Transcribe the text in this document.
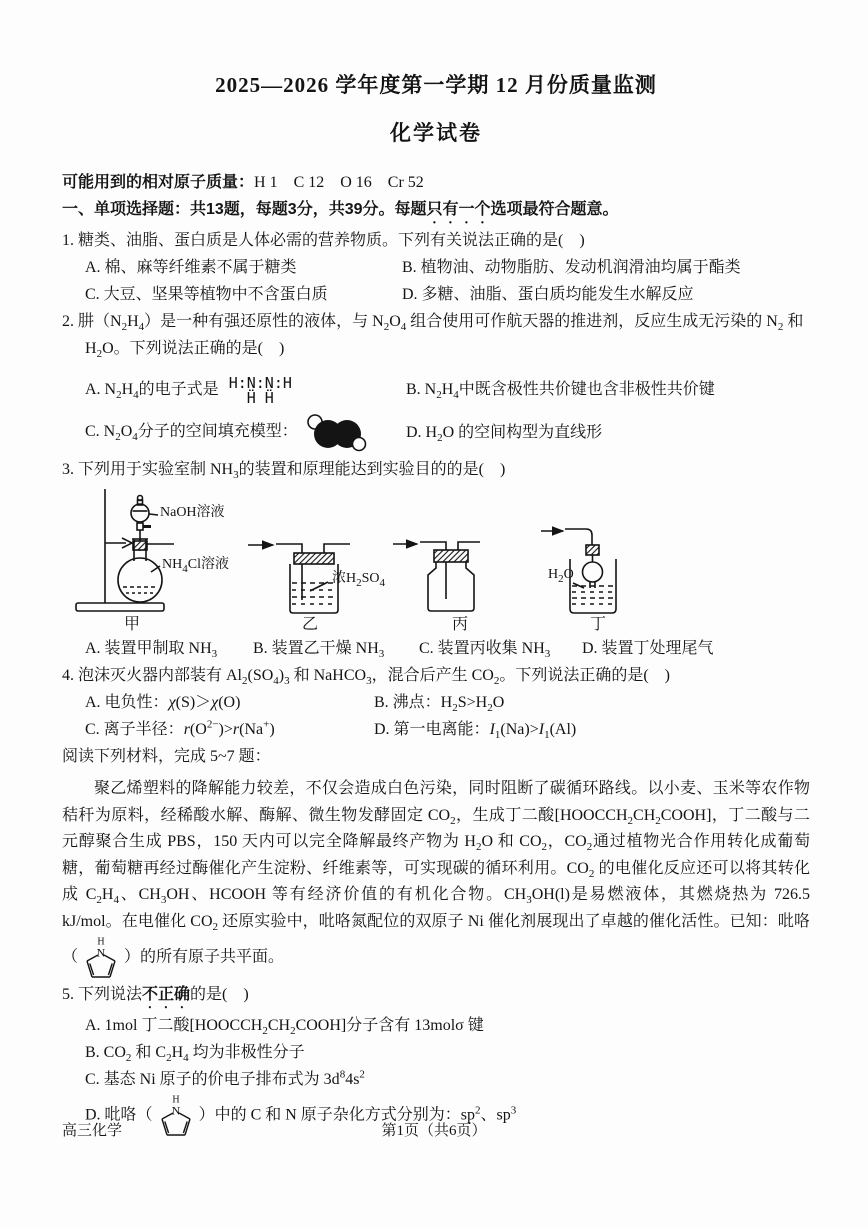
2025—2026 学年度第一学期 12 月份质量监测
化学试卷
可能用到的相对原子质量：H 1　C 12　O 16　Cr 52
一、单项选择题：共13题，每题3分，共39分。每题只有一个选项最符合题意。
1. 糖类、油脂、蛋白质是人体必需的营养物质。下列有关说法正确的是(    )
A. 棉、麻等纤维素不属于糖类	B. 植物油、动物脂肪、发动机润滑油均属于酯类
C. 大豆、坚果等植物中不含蛋白质	D. 多糖、油脂、蛋白质均能发生水解反应
2. 肼$(N_2H_4)$是一种有强还原性的液体，与 $N_2O_4$ 组合使用可作航天器的推进剂，反应生成无污染的 $N_2$ 和 $H_2O$。下列说法正确的是(    )
A. $N_2H_4$的电子式是 H:N̤:N̤:H
Ḧ Ḧ	B. $N_2H_4$中既含极性共价键也含非极性共价键
C. $N_2O_4$分子的空间填充模型：	D. $H_2O$ 的空间构型为直线形
3. 下列用于实验室制 $NH_3$的装置和原理能达到实验目的的是(    )
NaOH溶液
$NH_4Cl$溶液
浓$H_2SO_4$
$H_2O$
甲	乙	丙	丁
A. 装置甲制取 $NH_3$	B. 装置乙干燥 $NH_3$	C. 装置丙收集 $NH_3$	D. 装置丁处理尾气
4. 泡沫灭火器内部装有 $Al_2(SO_4)_3$ 和 NaHCO$_3$，混合后产生 $CO_2$。下列说法正确的是(    )
A. 电负性：χ(S)＞χ(O)	B. 沸点：$H_2S>H_2O$
C. 离子半径：$r(O^{2-})>r(Na^+)$	D. 第一电离能：$I_1(Na)>I_1(Al)$
阅读下列材料，完成 5~7 题：
聚乙烯塑料的降解能力较差，不仅会造成白色污染，同时阻断了碳循环路线。以小麦、玉米等农作物秸秆为原料，经稀酸水解、酶解、微生物发酵固定 $CO_2$，生成丁二酸$[HOOCCH_2CH_2COOH]$，丁二酸与二元醇聚合生成 PBS，150 天内可以完全降解最终产物为 $H_2O$ 和 $CO_2$，$CO_2$通过植物光合作用转化成葡萄糖，葡萄糖再经过酶催化产生淀粉、纤维素等，可实现碳的循环利用。$CO_2$ 的电催化反应还可以将其转化成 $C_2H_4$、$CH_3OH$、HCOOH 等有经济价值的有机化合物。$CH_3OH(l)$是易燃液体，其燃烧热为 726.5 kJ/mol。在电催化 $CO_2$ 还原实验中，吡咯氮配位的双原子 Ni 催化剂展现出了卓越的催化活性。已知：吡咯（
H
N ）的所有原子共平面。
5. 下列说法不正确的是(    )
A. 1mol 丁二酸$[HOOCCH_2CH_2COOH]$分子含有 13molσ 键
B. $CO_2$ 和 $C_2H_4$ 均为非极性分子
C. 基态 Ni 原子的价电子排布式为 $3d^84s^2$
D. 吡咯（
H
N ）中的 C 和 N 原子杂化方式分别为：$sp^2$、$sp^3$
高三化学	第1页（共6页）
